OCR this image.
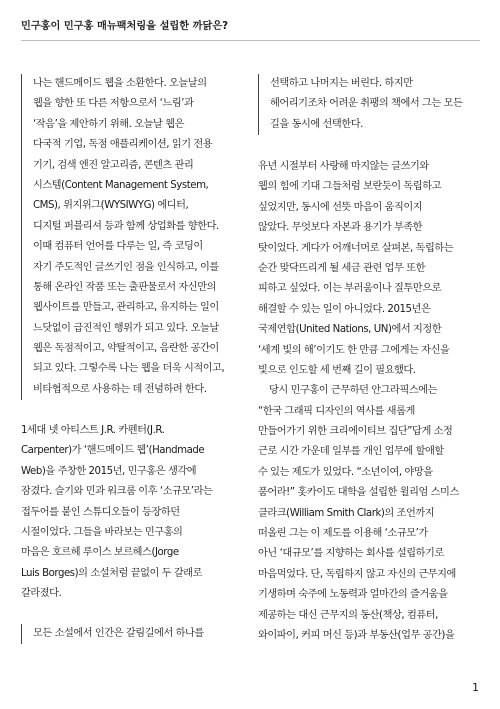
민구홍이 민구홍 매뉴팩처링을 설립한 까닭은?
나는 핸드메이드 웹을 소환한다. 오늘날의
웹을 향한 또 다른 저항으로서 ‘느림’과
‘작음’을 제안하기 위해. 오늘날 웹은
다국적 기업, 독점 애플리케이션, 읽기 전용
기기, 검색 엔진 알고리즘, 콘텐츠 관리
시스템(Content Management System,
CMS), 위지위그(WYSIWYG) 에디터,
디지털 퍼블리셔 등과 함께 상업화를 향한다.
이때 컴퓨터 언어를 다루는 일, 즉 코딩이
자기 주도적인 글쓰기인 점을 인식하고, 이를
통해 온라인 작품 또는 출판물로서 자신만의
웹사이트를 만들고, 관리하고, 유지하는 일이
느닷없이 급진적인 행위가 되고 있다. 오늘날
웹은 독점적이고, 약탈적이고, 음란한 공간이
되고 있다. 그렇수록 나는 웹을 더욱 시적이고,
비타협적으로 사용하는 데 전념하려 한다.
1세대 넷 아티스트 J.R. 카펜터(J.R.
Carpenter)가 ‘핸드메이드 웹’(Handmade
Web)을 주창한 2015년, 민구홍은 생각에
잠겼다. 슬기와 민과 워크룸 이후 ‘소규모’라는
접두어를 붙인 스튜디오들이 등장하던
시절이었다. 그들을 바라보는 민구홍의
마음은 호르헤 루이스 보르헤스(Jorge
Luis Borges)의 소설처럼 끝없이 두 갈래로
갈라졌다.
모든 소설에서 인간은 갈림길에서 하나를
선택하고 나머지는 버린다. 하지만
헤어리기조차 어려운 취팽의 책에서 그는 모든
길을 동시에 선택한다.
유년 시절부터 사랑해 마지않는 글쓰기와
웹의 힘에 기대 그들처럼 보란듯이 독립하고
싶었지만, 동시에 선뜻 마음이 움직이지
않았다. 무엇보다 자본과 용기가 부족한
탓이었다. 게다가 어깨너머로 살펴본, 독립하는
순간 맞닥뜨리게 될 세금 관련 업무 또한
피하고 싶었다. 이는 부러움이나 질투만으로
해결할 수 있는 일이 아니었다. 2015년은
국제연합(United Nations, UN)에서 지정한
‘세계 빛의 해’이기도 한 만큼 그에게는 자신을
빛으로 인도할 세 번째 길이 필요했다.
당시 민구홍이 근무하던 안그라픽스에는
“한국 그래픽 디자인의 역사를 새롭게
만들어가기 위한 크리에이티브 집단”답게 소정
근로 시간 가운데 일부를 개인 업무에 할애할
수 있는 제도가 있었다. “소년이여, 야망을
품어라!” 홋카이도 대학을 설립한 윌리엄 스미스
클라크(William Smith Clark)의 조언까지
떠올린 그는 이 제도를 이용해 ‘소규모’가
아닌 ‘대규모’를 지향하는 회사를 설립하기로
마음먹었다. 단, 독립하지 않고 자신의 근무지에
기생하며 숙주에 노동력과 얼마간의 즐거움을
제공하는 대신 근무지의 동산(책상, 컴퓨터,
와이파이, 커피 머신 등)과 부동산(업무 공간)을
1
